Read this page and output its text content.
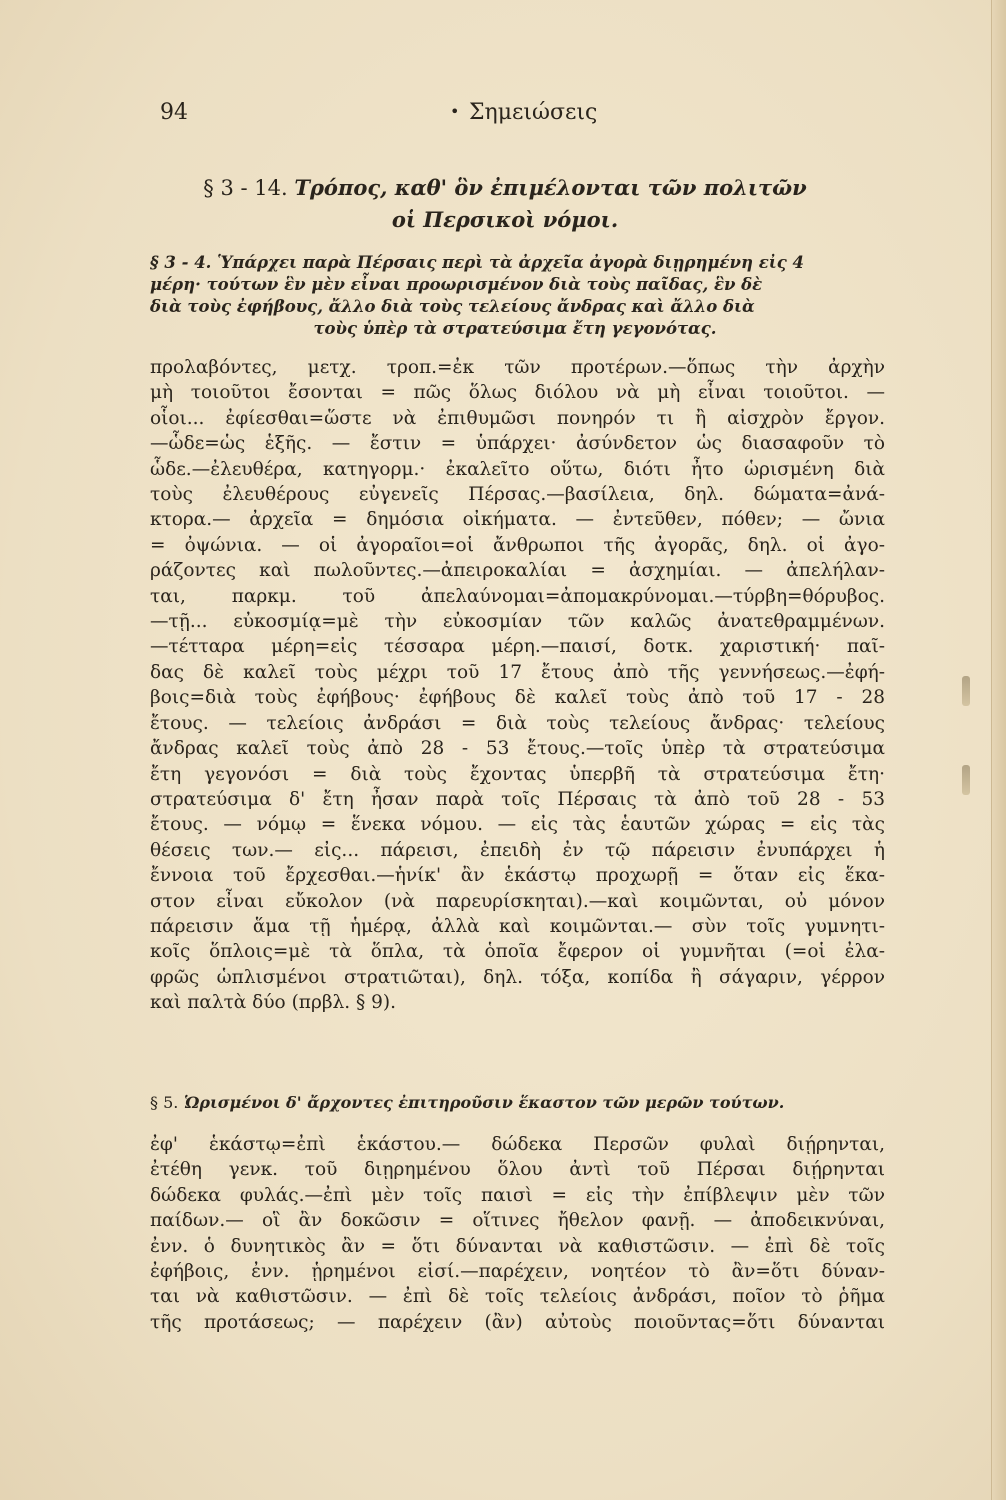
94	• Σημειώσεις
§ 3 - 14. Τρόπος, καθ' ὃν ἐπιμέλονται τῶν πολιτῶν
οἱ Περσικοὶ νόμοι.
§ 3 - 4. Ὑπάρχει παρὰ Πέρσαις περὶ τὰ ἀρχεῖα ἀγορὰ διῃρημένη εἰς 4
μέρη· τούτων ἓν μὲν εἶναι προωρισμένον διὰ τοὺς παῖδας, ἓν δὲ
διὰ τοὺς ἐφήβους, ἄλλο διὰ τοὺς τελείους ἄνδρας καὶ ἄλλο διὰ
τοὺς ὑπὲρ τὰ στρατεύσιμα ἔτη γεγονότας.
προλαβόντες, μετχ. τροπ.=ἐκ τῶν προτέρων.—ὅπως τὴν ἀρχὴν
μὴ τοιοῦτοι ἔσονται = πῶς ὅλως διόλου νὰ μὴ εἶναι τοιοῦτοι. —
οἷοι... ἐφίεσθαι=ὥστε νὰ ἐπιθυμῶσι πονηρόν τι ἢ αἰσχρὸν ἔργον.
—ὧδε=ὡς ἑξῆς. — ἔστιν = ὑπάρχει· ἀσύνδετον ὡς διασαφοῦν τὸ
ὧδε.—ἐλευθέρα, κατηγορμ.· ἐκαλεῖτο οὕτω, διότι ἦτο ὡρισμένη διὰ
τοὺς ἐλευθέρους εὐγενεῖς Πέρσας.—βασίλεια, δηλ. δώματα=ἀνά-
κτορα.— ἀρχεῖα = δημόσια οἰκήματα. — ἐντεῦθεν, πόθεν; — ὤνια
= ὀψώνια. — οἱ ἀγοραῖοι=οἱ ἄνθρωποι τῆς ἀγορᾶς, δηλ. οἱ ἀγο-
ράζοντες καὶ πωλοῦντες.—ἀπειροκαλίαι = ἀσχημίαι. — ἀπελήλαν-
ται, παρκμ. τοῦ ἀπελαύνομαι=ἀπομακρύνομαι.—τύρβη=θόρυβος.
—τῇ... εὐκοσμίᾳ=μὲ τὴν εὐκοσμίαν τῶν καλῶς ἀνατεθραμμένων.
—τέτταρα μέρη=εἰς τέσσαρα μέρη.—παισί, δοτκ. χαριστική· παῖ-
δας δὲ καλεῖ τοὺς μέχρι τοῦ 17 ἔτους ἀπὸ τῆς γεννήσεως.—ἐφή-
βοις=διὰ τοὺς ἐφήβους· ἐφήβους δὲ καλεῖ τοὺς ἀπὸ τοῦ 17 - 28
ἔτους. — τελείοις ἀνδράσι = διὰ τοὺς τελείους ἄνδρας· τελείους
ἄνδρας καλεῖ τοὺς ἀπὸ 28 - 53 ἔτους.—τοῖς ὑπὲρ τὰ στρατεύσιμα
ἔτη γεγονόσι = διὰ τοὺς ἔχοντας ὑπερβῆ τὰ στρατεύσιμα ἔτη·
στρατεύσιμα δ' ἔτη ἦσαν παρὰ τοῖς Πέρσαις τὰ ἀπὸ τοῦ 28 - 53
ἔτους. — νόμῳ = ἕνεκα νόμου. — εἰς τὰς ἑαυτῶν χώρας = εἰς τὰς
θέσεις των.— εἰς... πάρεισι, ἐπειδὴ ἐν τῷ πάρεισιν ἐνυπάρχει ἡ
ἔννοια τοῦ ἔρχεσθαι.—ἡνίκ' ἂν ἑκάστῳ προχωρῇ = ὅταν εἰς ἕκα-
στον εἶναι εὔκολον (νὰ παρευρίσκηται).—καὶ κοιμῶνται, οὐ μόνον
πάρεισιν ἅμα τῇ ἡμέρᾳ, ἀλλὰ καὶ κοιμῶνται.— σὺν τοῖς γυμνητι-
κοῖς ὅπλοις=μὲ τὰ ὅπλα, τὰ ὁποῖα ἔφερον οἱ γυμνῆται (=οἱ ἐλα-
φρῶς ὡπλισμένοι στρατιῶται), δηλ. τόξα, κοπίδα ἢ σάγαριν, γέρρον
καὶ παλτὰ δύο (πρβλ. § 9).
§ 5. Ὡρισμένοι δ' ἄρχοντες ἐπιτηροῦσιν ἕκαστον τῶν μερῶν τούτων.
ἐφ' ἑκάστῳ=ἐπὶ ἑκάστου.— δώδεκα Περσῶν φυλαὶ διῄρηνται,
ἐτέθη γενκ. τοῦ διῃρημένου ὅλου ἀντὶ τοῦ Πέρσαι διῄρηνται
δώδεκα φυλάς.—ἐπὶ μὲν τοῖς παισὶ = εἰς τὴν ἐπίβλεψιν μὲν τῶν
παίδων.— οἳ ἂν δοκῶσιν = οἵτινες ἤθελον φανῇ. — ἀποδεικνύναι,
ἐνν. ὁ δυνητικὸς ἂν = ὅτι δύνανται νὰ καθιστῶσιν. — ἐπὶ δὲ τοῖς
ἐφήβοις, ἐνν. ᾑρημένοι εἰσί.—παρέχειν, νοητέον τὸ ἂν=ὅτι δύναν-
ται νὰ καθιστῶσιν. — ἐπὶ δὲ τοῖς τελείοις ἀνδράσι, ποῖον τὸ ῥῆμα
τῆς προτάσεως; — παρέχειν (ἂν) αὐτοὺς ποιοῦντας=ὅτι δύνανται
